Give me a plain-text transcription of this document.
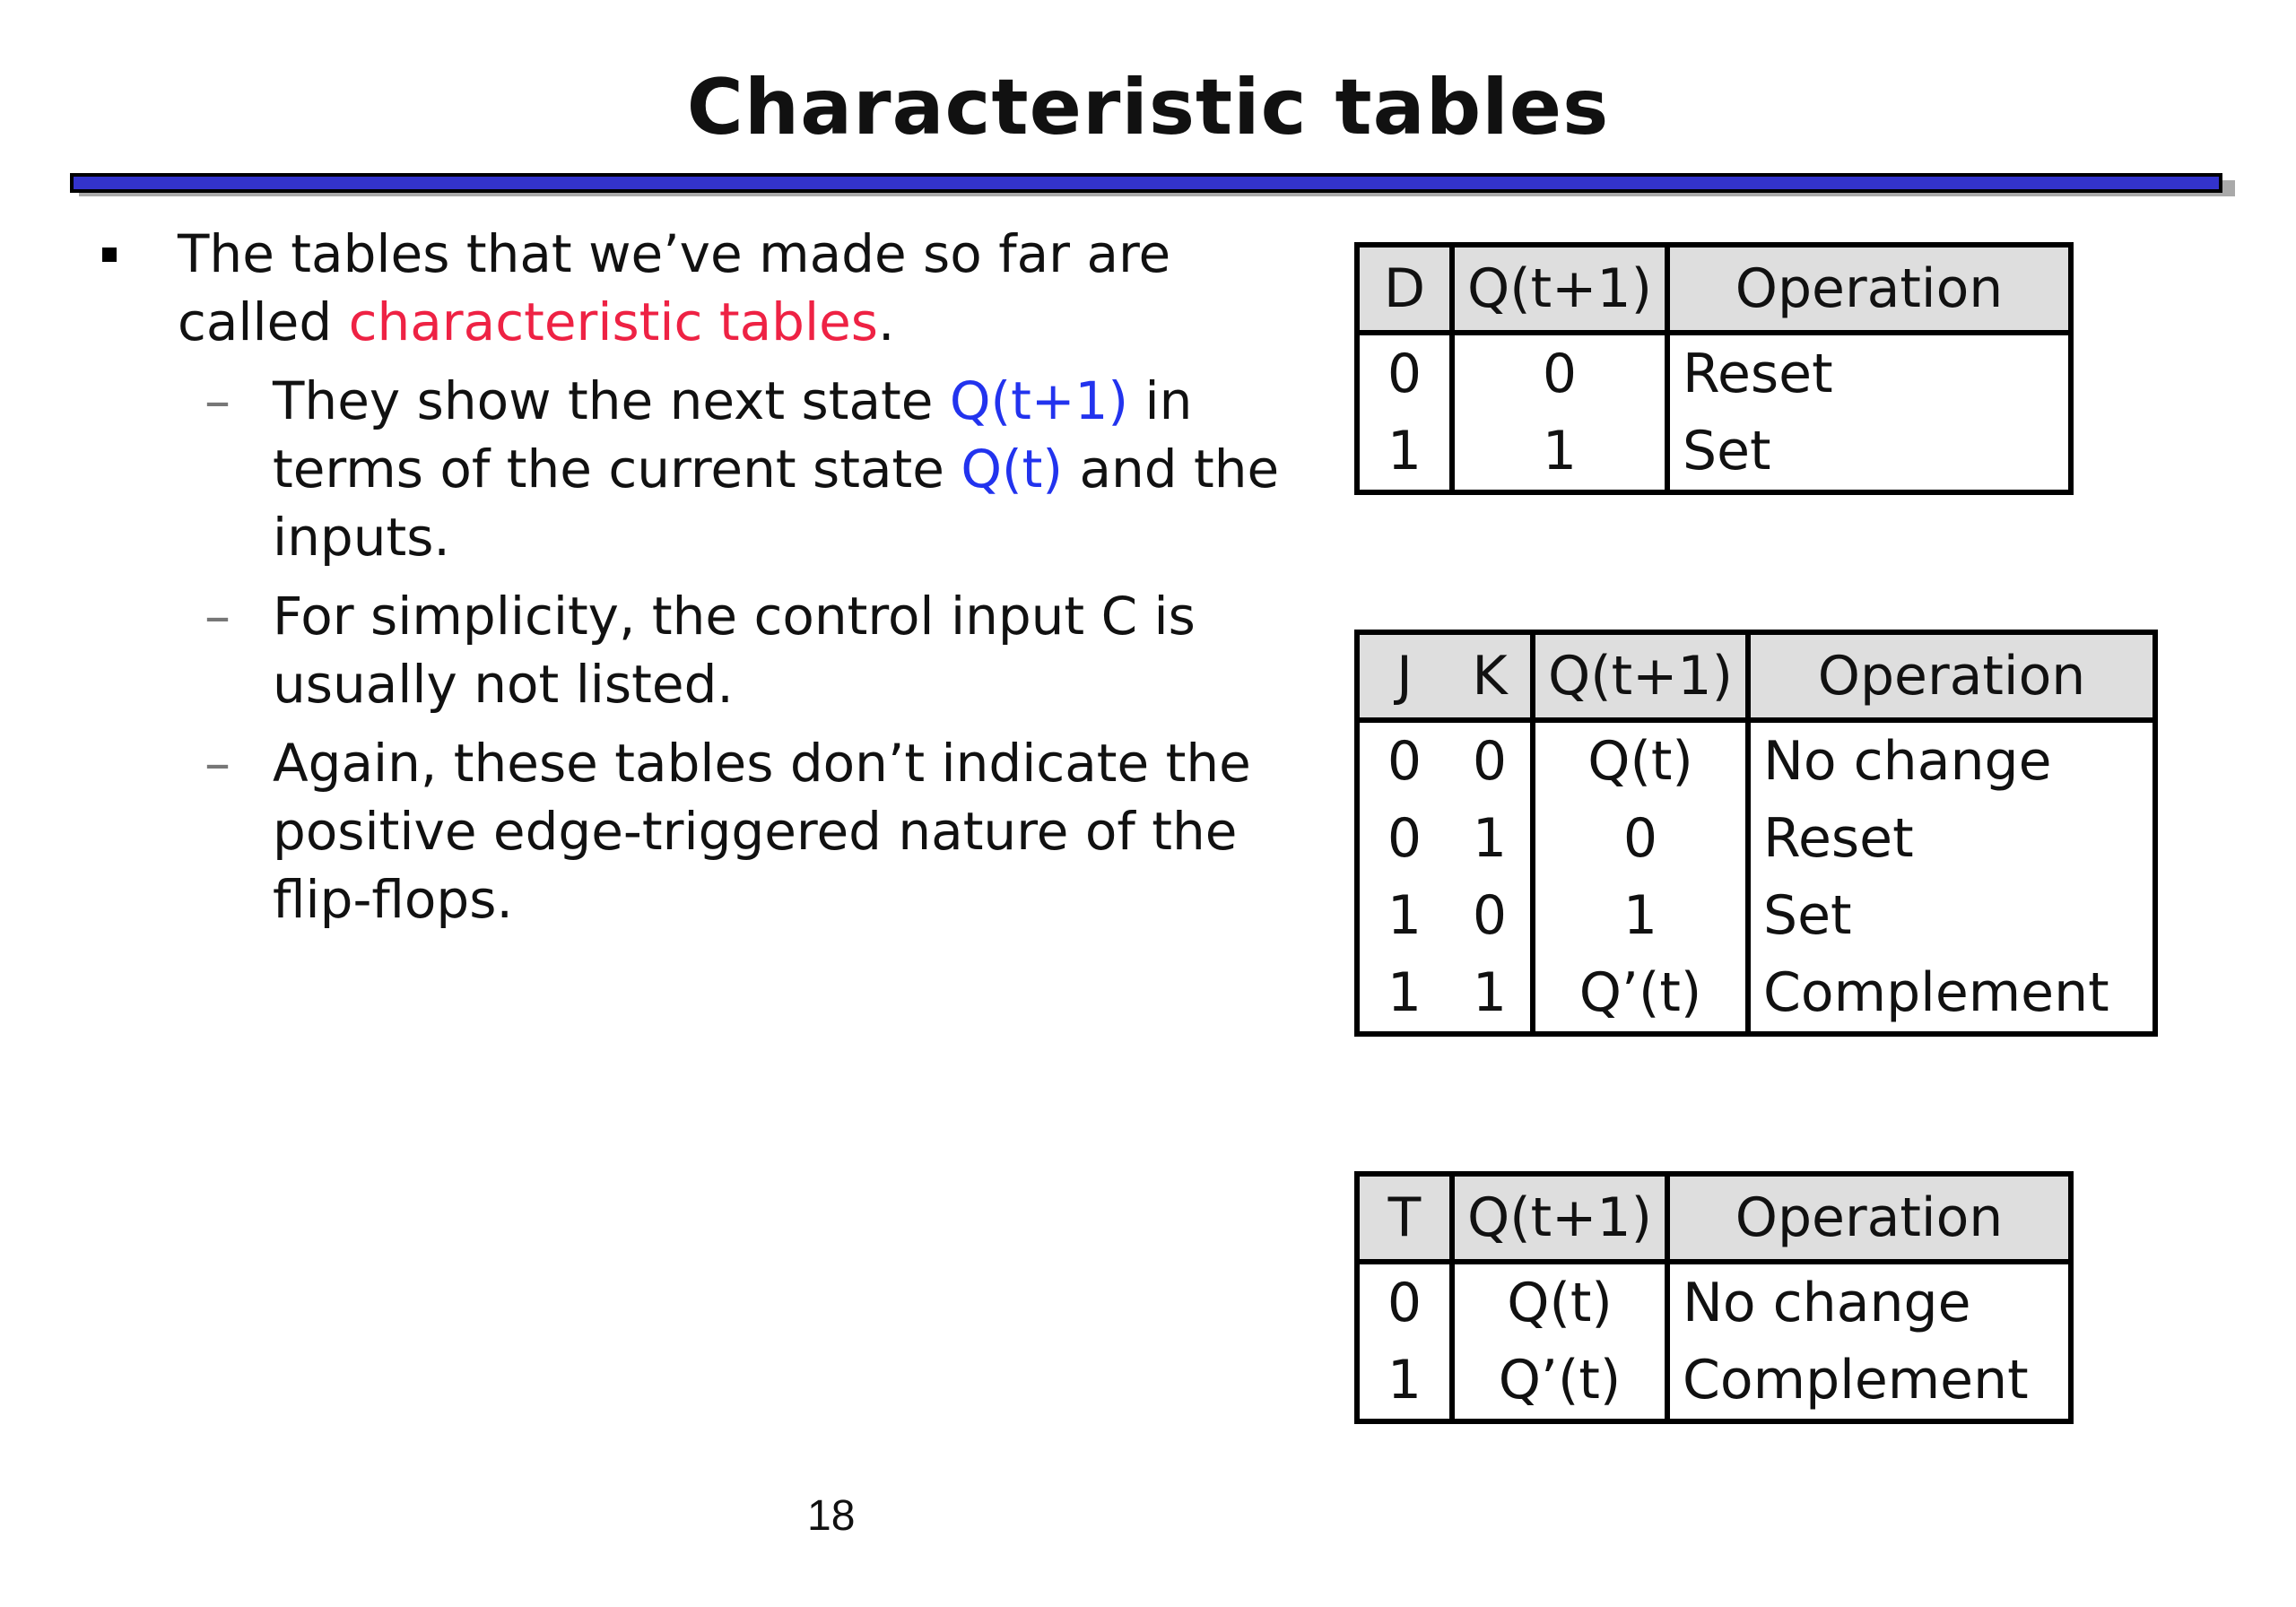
Characteristic tables
The tables that we’ve made so far are
called characteristic tables.
– They show the next state Q(t+1) in terms of the current state Q(t) and the inputs.
– For simplicity, the control input C is usually not listed.
– Again, these tables don’t indicate the positive edge-triggered nature of the flip-flops.
D	Q(t+1)	Operation
0	0	Reset
1	1	Set
J	K	Q(t+1)	Operation
0	0	Q(t)	No change
0	1	0	Reset
1	0	1	Set
1	1	Q’(t)	Complement
T	Q(t+1)	Operation
0	Q(t)	No change
1	Q’(t)	Complement
18
